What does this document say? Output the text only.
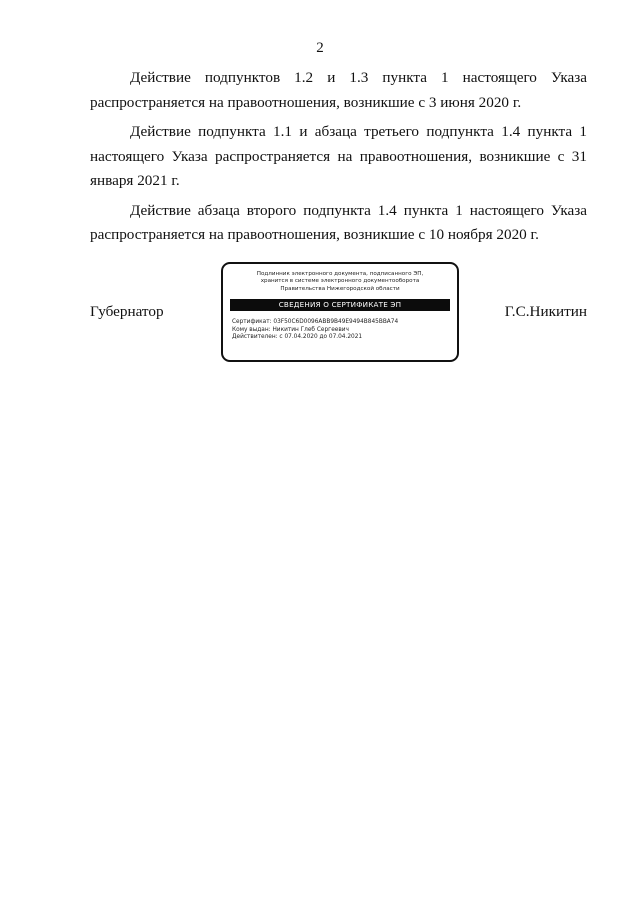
2

Действие подпунктов 1.2 и 1.3 пункта 1 настоящего Указа распространяется на правоотношения, возникшие с 3 июня 2020 г.

Действие подпункта 1.1 и абзаца третьего подпункта 1.4 пункта 1 настоящего Указа распространяется на правоотношения, возникшие с 31 января 2021 г.

Действие абзаца второго подпункта 1.4 пункта 1 настоящего Указа распространяется на правоотношения, возникшие с 10 ноября 2020 г.

Губернатор
Подлинник электронного документа, подписанного ЭП,
хранится в системе электронного документооборота
Правительства Нижегородской области
СВЕДЕНИЯ О СЕРТИФИКАТЕ ЭП
Сертификат: 03F50C6D0096ABB9B49E9494B845BBA74
Кому выдан: Никитин Глеб Сергеевич
Действителен: с 07.04.2020 до 07.04.2021
Г.С.Никитин
